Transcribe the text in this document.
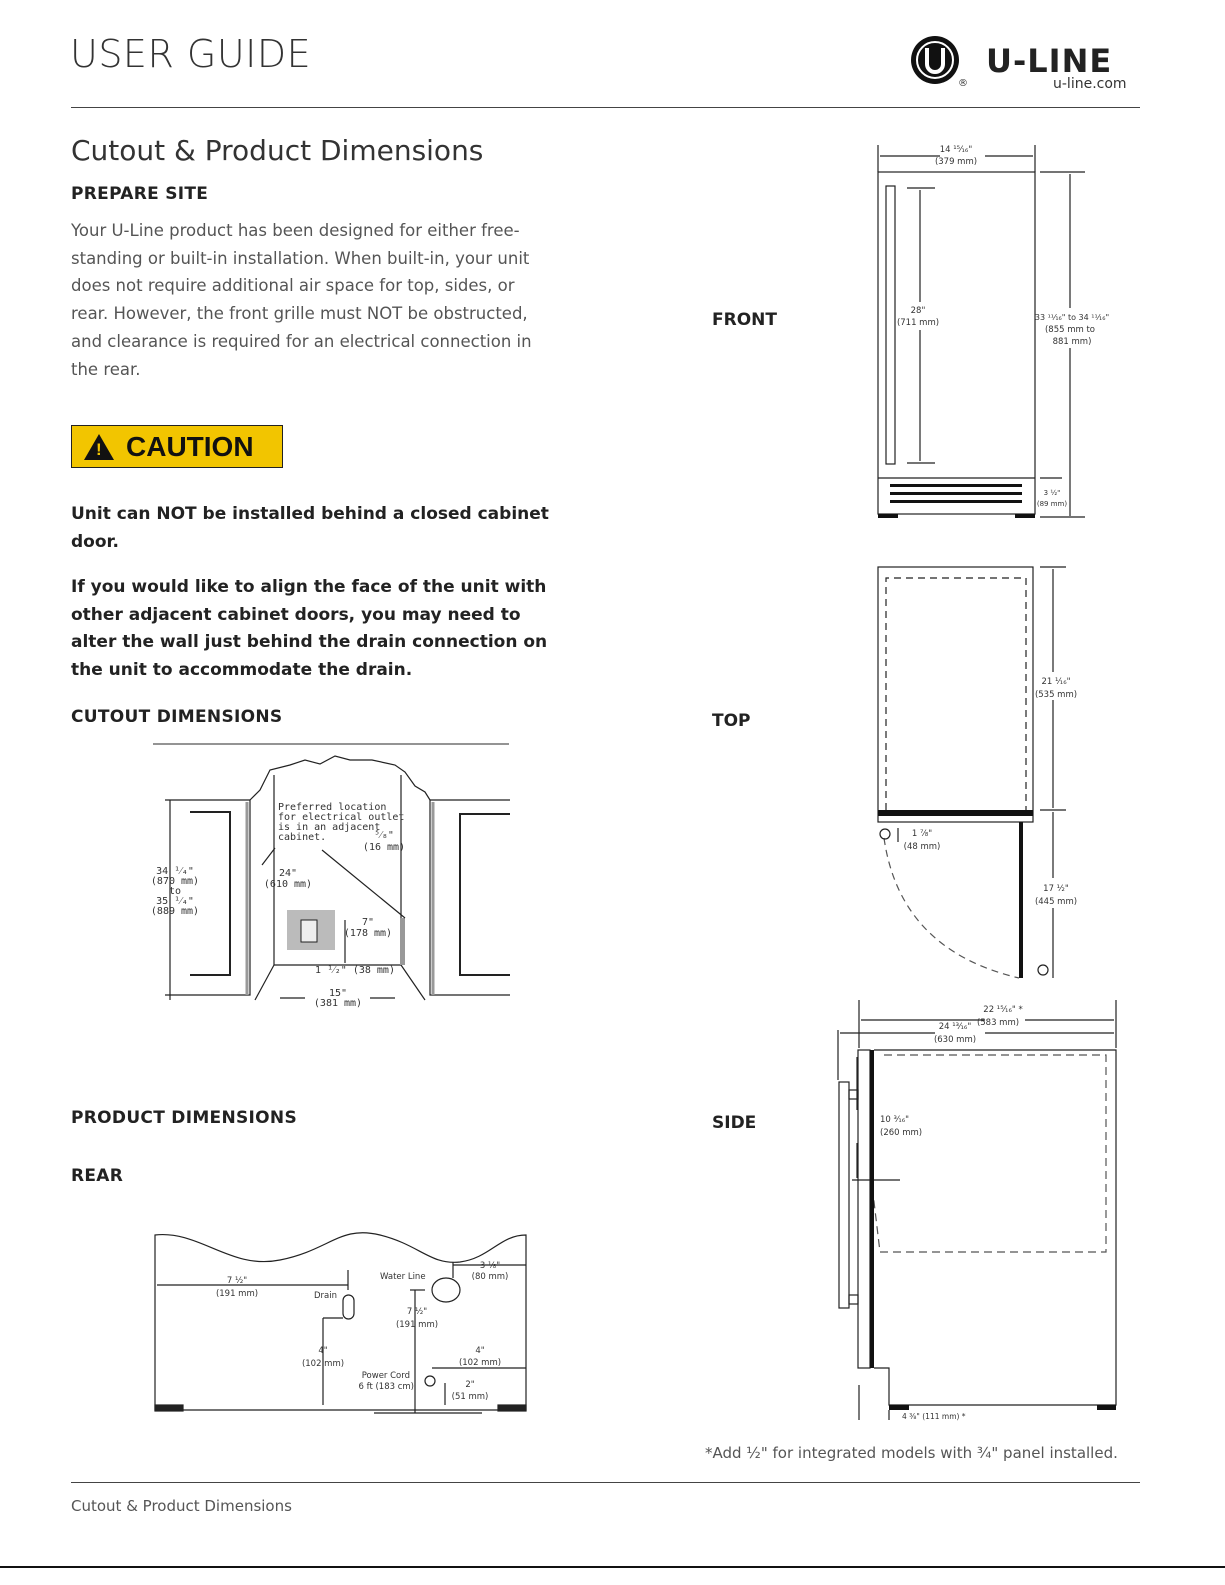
USER GUIDE
®
U-LINE
u-line.com
Cutout & Product Dimensions
PREPARE SITE
Your U-Line product has been designed for either free-
standing or built-in installation. When built-in, your unit
does not require additional air space for top, sides, or
rear. However, the front grille must NOT be obstructed,
and clearance is required for an electrical connection in
the rear.
! CAUTION
Unit can NOT be installed behind a closed cabinet
door.
If you would like to align the face of the unit with
other adjacent cabinet doors, you may need to
alter the wall just behind the drain connection on
the unit to accommodate the drain.
CUTOUT DIMENSIONS
Preferred location
for electrical outlet
is in an adjacent
cabinet.
34 ¹⁄₄"
(870 mm)
to
35 ¹⁄₄"
(889 mm)
24"
(610 mm)
⁵⁄₈"
(16 mm)
7"
(178 mm)
1 ¹⁄₂" (38 mm)
15"
(381 mm)
PRODUCT DIMENSIONS
REAR
7 ½"
(191 mm)	Drain
Water Line
3 ⅛"
(80 mm)
7 ½"
(191 mm)
4"
(102 mm)
Power Cord
6 ft (183 cm)
4"
(102 mm)
2"
(51 mm)
FRONT
TOP
SIDE
14 ¹⁵⁄₁₆"
(379 mm)
28"
(711 mm)
33 ¹¹⁄₁₆" to 34 ¹¹⁄₁₆"
(855 mm to
881 mm)
3 ½"
(89 mm)
21 ¹⁄₁₆"
(535 mm)
1 ⅞"
(48 mm)
17 ½"
(445 mm)
22 ¹⁵⁄₁₆" *
(583 mm)
24 ¹³⁄₁₆"
(630 mm)
10 ³⁄₁₆"
(260 mm)
4 ⅜" (111 mm) *
*Add ½" for integrated models with ¾" panel installed.
Cutout & Product Dimensions
